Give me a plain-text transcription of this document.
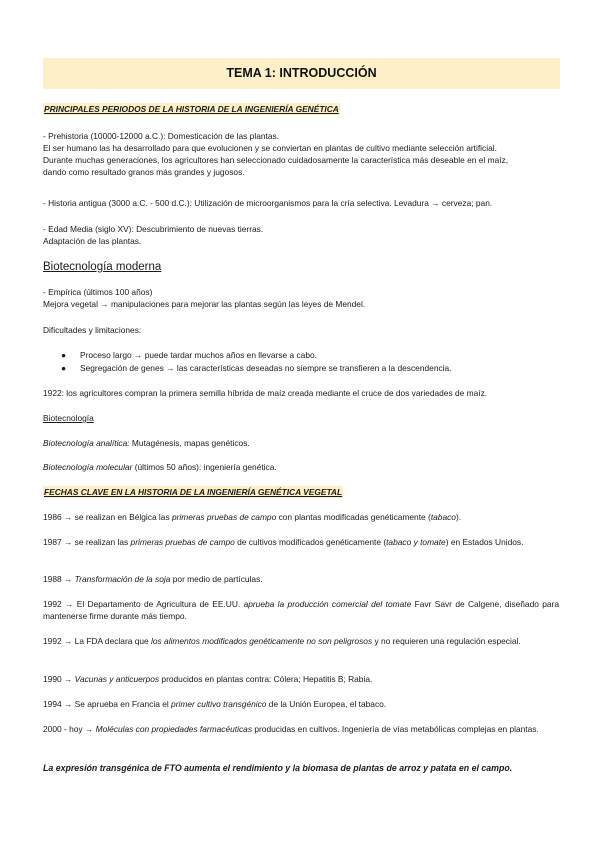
TEMA 1: INTRODUCCIÓN
PRINCIPALES PERIODOS DE LA HISTORIA DE LA INGENIERÍA GENÉTICA
- Prehistoria (10000-12000 a.C.): Domesticación de las plantas.
El ser humano las ha desarrollado para que evolucionen y se conviertan en plantas de cultivo mediante selección artificial.
Durante muchas generaciones, los agricultores han seleccionado cuidadosamente la característica más deseable en el maíz,
dando como resultado granos más grandes y jugosos.
- Historia antigua (3000 a.C. - 500 d.C.): Utilización de microorganismos para la cría selectiva. Levadura → cerveza; pan.
- Edad Media (siglo XV): Descubrimiento de nuevas tierras.
Adaptación de las plantas.
Biotecnología moderna
- Empírica (últimos 100 años)
Mejora vegetal → manipulaciones para mejorar las plantas según las leyes de Mendel.
Dificultades y limitaciones:
● Proceso largo → puede tardar muchos años en llevarse a cabo.
● Segregación de genes → las características deseadas no siempre se transfieren a la descendencia.
1922: los agricultores compran la primera semilla híbrida de maíz creada mediante el cruce de dos variedades de maíz.
Biotecnología
Biotecnología analítica: Mutagénesis, mapas genéticos.
Biotecnología molecular (últimos 50 años): ingeniería genética.
FECHAS CLAVE EN LA HISTORIA DE LA INGENIERÍA GENÉTICA VEGETAL
1986 → se realizan en Bélgica las primeras pruebas de campo con plantas modificadas genéticamente (tabaco).
1987 → se realizan las primeras pruebas de campo de cultivos modificados genéticamente (tabaco y tomate) en Estados Unidos.
1988 → Transformación de la soja por medio de partículas.
1992 → El Departamento de Agricultura de EE.UU. aprueba la producción comercial del tomate Favr Savr de Calgene, diseñado para mantenerse firme durante más tiempo.
1992 → La FDA declara que los alimentos modificados genéticamente no son peligrosos y no requieren una regulación especial.
1990 → Vacunas y anticuerpos producidos en plantas contra: Cólera; Hepatitis B; Rabia.
1994 → Se aprueba en Francia el primer cultivo transgénico de la Unión Europea, el tabaco.
2000 - hoy → Moléculas con propiedades farmacéuticas producidas en cultivos. Ingeniería de vías metabólicas complejas en plantas.
La expresión transgénica de FTO aumenta el rendimiento y la biomasa de plantas de arroz y patata en el campo.
